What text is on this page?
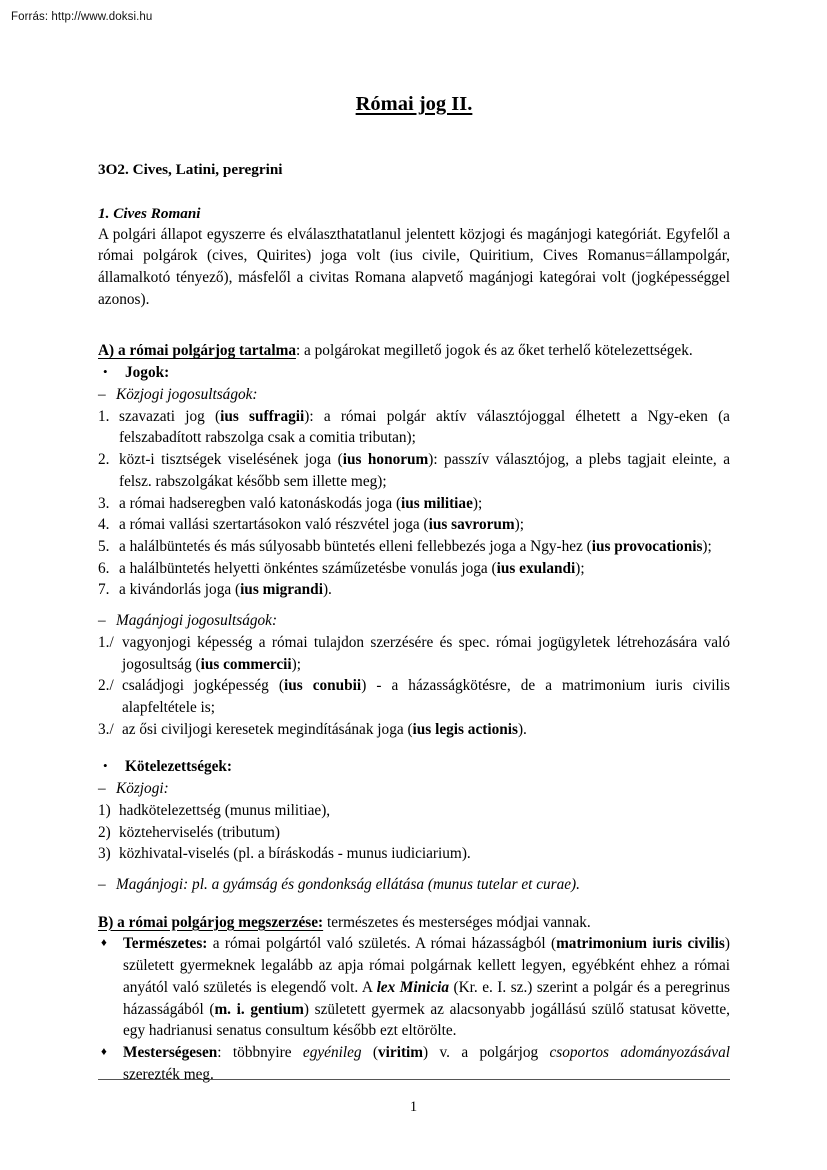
Forrás: http://www.doksi.hu
Római jog II.
3O2. Cives, Latini, peregrini
1. Cives Romani

A polgári állapot egyszerre és elválaszthatatlanul jelentett közjogi és magánjogi kategóriát. Egyfelől a római polgárok (cives, Quirites) joga volt (ius civile, Quiritium, Cives Romanus=állampolgár, államalkotó tényező), másfelől a civitas Romana alapvető magánjogi kategórai volt (jogképességgel azonos).

A) a római polgárjog tartalma: a polgárokat megillető jogok és az őket terhelő kötelezettségek.

•	Jogok:
– Közjogi jogosultságok:
1. szavazati jog (ius suffragii): a római polgár aktív választójoggal élhetett a Ngy-eken (a felszabadított rabszolga csak a comitia tributan);
2. közt-i tisztségek viselésének joga (ius honorum): passzív választójog, a plebs tagjait eleinte, a felsz. rabszolgákat később sem illette meg);
3. a római hadseregben való katonáskodás joga (ius militiae);
4. a római vallási szertartásokon való részvétel joga (ius savrorum);
5. a halálbüntetés és más súlyosabb büntetés elleni fellebbezés joga a Ngy-hez (ius provocationis);
6. a halálbüntetés helyetti önkéntes száműzetésbe vonulás joga (ius exulandi);
7. a kivándorlás joga (ius migrandi).
– Magánjogi jogosultságok:
1./ vagyonjogi képesség a római tulajdon szerzésére és spec. római jogügyletek létrehozására való jogosultság (ius commercii);
2./ családjogi jogképesség (ius conubii) - a házasságkötésre, de a matrimonium iuris civilis alapfeltétele is;
3./ az ősi civiljogi keresetek megindításának joga (ius legis actionis).
•	Kötelezettségek:
– Közjogi:
1) hadkötelezettség (munus militiae),
2) közteherviselés (tributum)
3) közhivatal-viselés (pl. a bíráskodás - munus iudiciarium).
– Magánjogi: pl. a gyámság és gondonkság ellátása (munus tutelar et curae).

B) a római polgárjog megszerzése: természetes és mesterséges módjai vannak.

♦	Természetes: a római polgártól való születés. A római házasságból (matrimonium iuris civilis) született gyermeknek legalább az apja római polgárnak kellett legyen, egyébként ehhez a római anyától való születés is elegendő volt. A lex Minicia (Kr. e. I. sz.) szerint a polgár és a peregrinus házasságából (m. i. gentium) született gyermek az alacsonyabb jogállású szülő statusat követte, egy hadrianusi senatus consultum később ezt eltörölte.
♦	Mesterségesen: többnyire egyénileg (viritim) v. a polgárjog csoportos adományozásával szerezték meg.
1
